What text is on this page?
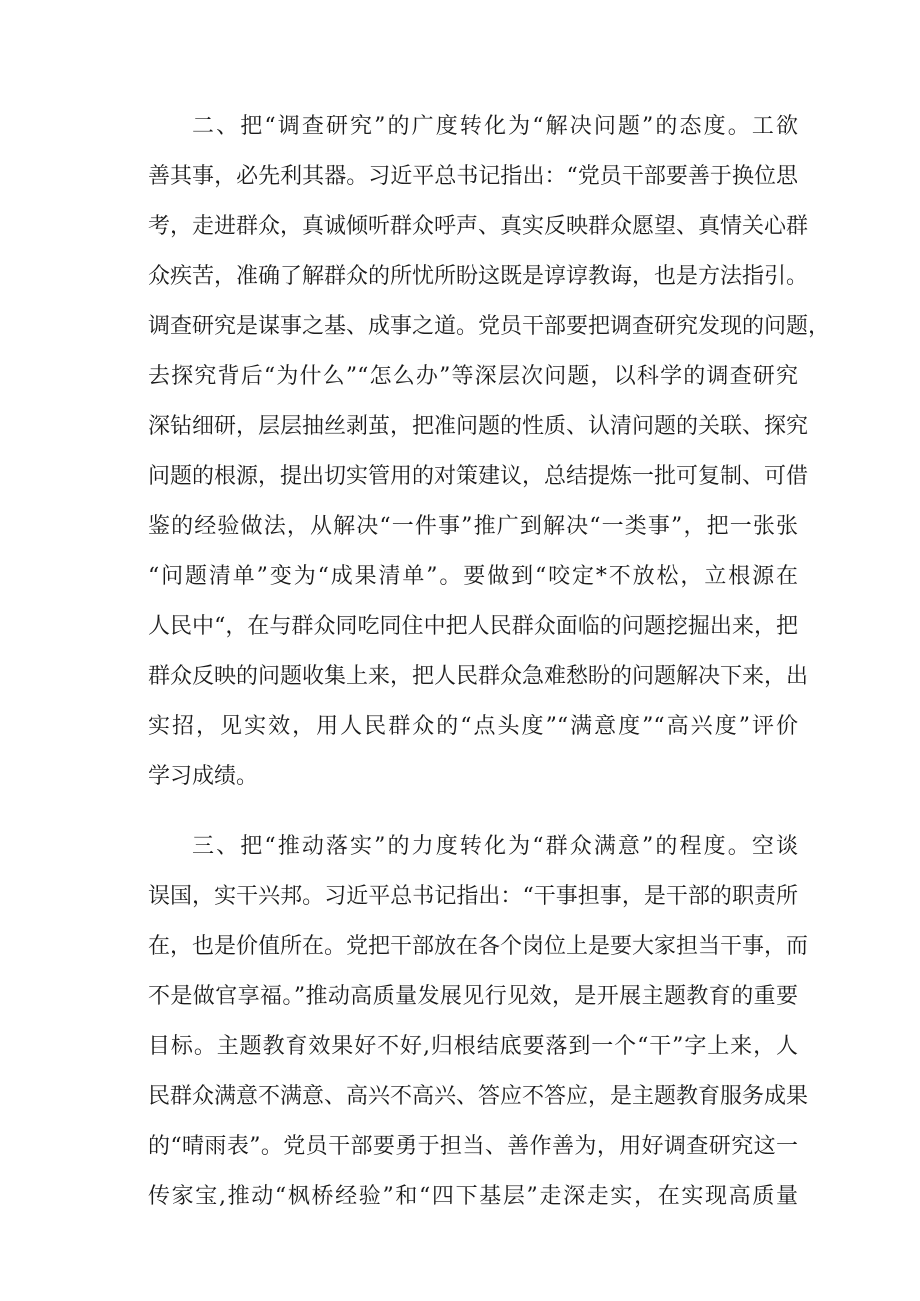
二、把“调查研究”的广度转化为“解决问题”的态度。工欲

善其事，必先利其器。习近平总书记指出：“党员干部要善于换位思

考，走进群众，真诚倾听群众呼声、真实反映群众愿望、真情关心群

众疾苦，准确了解群众的所忧所盼这既是谆谆教诲，也是方法指引。

调查研究是谋事之基、成事之道。党员干部要把调查研究发现的问题，

去探究背后“为什么”“怎么办”等深层次问题，以科学的调查研究

深钻细研，层层抽丝剥茧，把准问题的性质、认清问题的关联、探究

问题的根源，提出切实管用的对策建议，总结提炼一批可复制、可借

鉴的经验做法，从解决“一件事”推广到解决“一类事”，把一张张

“问题清单”变为“成果清单”。要做到“咬定*不放松，立根源在

人民中“，在与群众同吃同住中把人民群众面临的问题挖掘出来，把

群众反映的问题收集上来，把人民群众急难愁盼的问题解决下来，出

实招，见实效，用人民群众的“点头度”“满意度”“高兴度”评价

学习成绩。

三、把“推动落实”的力度转化为“群众满意”的程度。空谈

误国，实干兴邦。习近平总书记指出：“干事担事，是干部的职责所

在，也是价值所在。党把干部放在各个岗位上是要大家担当干事，而

不是做官享福。”推动高质量发展见行见效，是开展主题教育的重要

目标。主题教育效果好不好,归根结底要落到一个“干”字上来，人

民群众满意不满意、高兴不高兴、答应不答应，是主题教育服务成果

的“晴雨表”。党员干部要勇于担当、善作善为，用好调查研究这一

传家宝,推动“枫桥经验”和“四下基层”走深走实，在实现高质量
